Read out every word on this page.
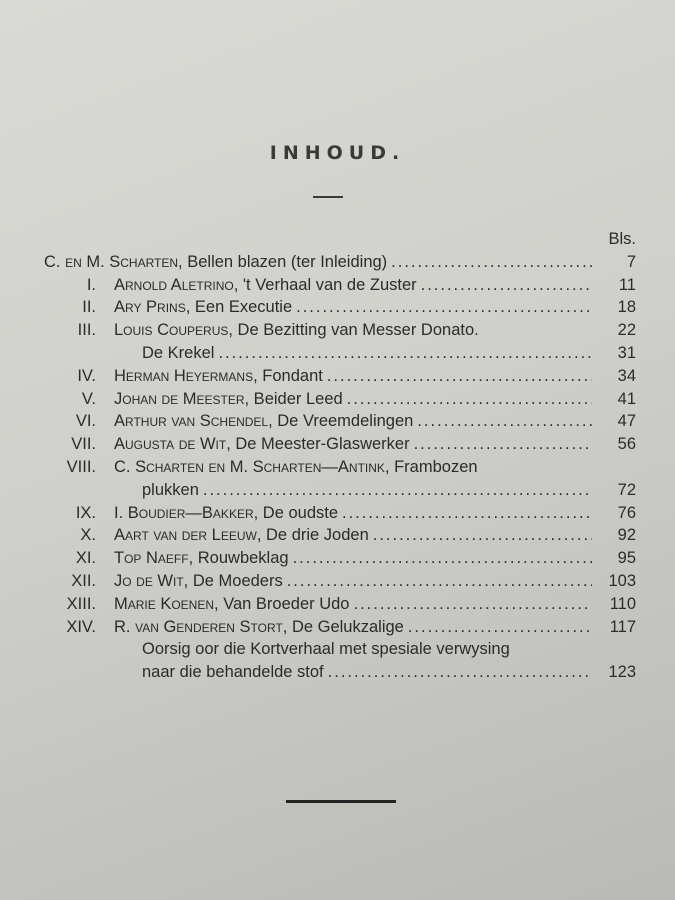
INHOUD.
Bls.
C. en M. Scharten, Bellen blazen (ter Inleiding) .....	7
I. Arnold Aletrino, 't Verhaal van de Zuster .....	11
II. Ary Prins, Een Executie .....	18
III. Louis Couperus, De Bezitting van Messer Donato.	22
De Krekel .....	31
IV. Herman Heyermans, Fondant .....	34
V. Johan de Meester, Beider Leed .....	41
VI. Arthur van Schendel, De Vreemdelingen .....	47
VII. Augusta de Wit, De Meester-Glaswerker .....	56
VIII. C. Scharten en M. Scharten—Antink, Frambozen
plukken .....	72
IX. I. Boudier—Bakker, De oudste .....	76
X. Aart van der Leeuw, De drie Joden .....	92
XI. Top Naeff, Rouwbeklag .....	95
XII. Jo de Wit, De Moeders .....	103
XIII. Marie Koenen, Van Broeder Udo .....	110
XIV. R. van Genderen Stort, De Gelukzalige .....	117
Oorsig oor die Kortverhaal met spesiale verwysing
naar die behandelde stof .....	123
